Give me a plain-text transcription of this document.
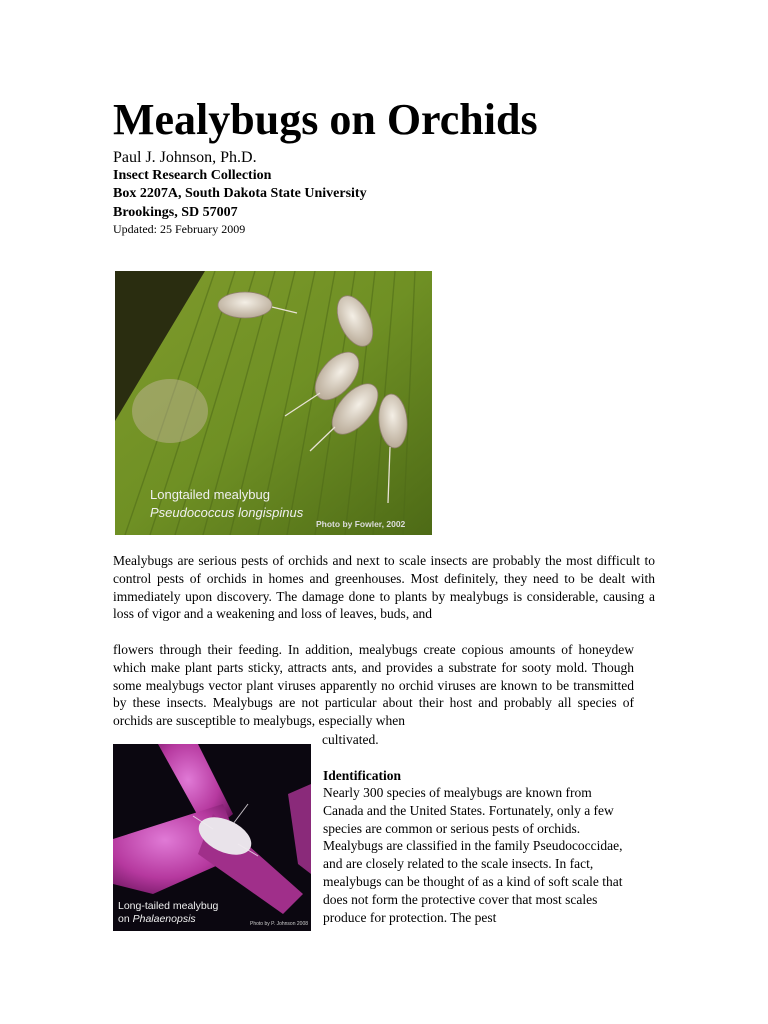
Mealybugs on Orchids
Paul J. Johnson, Ph.D.
Insect Research Collection
Box 2207A, South Dakota State University
Brookings, SD 57007
Updated: 25 February 2009
Longtailed mealybug
Pseudococcus longispinus
Photo by Fowler, 2002
Mealybugs are serious pests of orchids and next to scale insects are probably the most difficult to control pests of orchids in homes and greenhouses. Most definitely, they need to be dealt with immediately upon discovery. The damage done to plants by mealybugs is considerable, causing a loss of vigor and a weakening and loss of leaves, buds, and
flowers through their feeding. In addition, mealybugs create copious amounts of honeydew which make plant parts sticky, attracts ants, and provides a substrate for sooty mold. Though some mealybugs vector plant viruses apparently no orchid viruses are known to be transmitted by these insects. Mealybugs are not particular about their host and probably all species of orchids are susceptible to mealybugs, especially when
cultivated.
Long-tailed mealybug
on Phalaenopsis	Photo by P. Johnson 2008
Identification
Nearly 300 species of mealybugs are known from Canada and the United States. Fortunately, only a few species are common or serious pests of orchids. Mealybugs are classified in the family Pseudococcidae, and are closely related to the scale insects. In fact, mealybugs can be thought of as a kind of soft scale that does not form the protective cover that most scales produce for protection. The pest
